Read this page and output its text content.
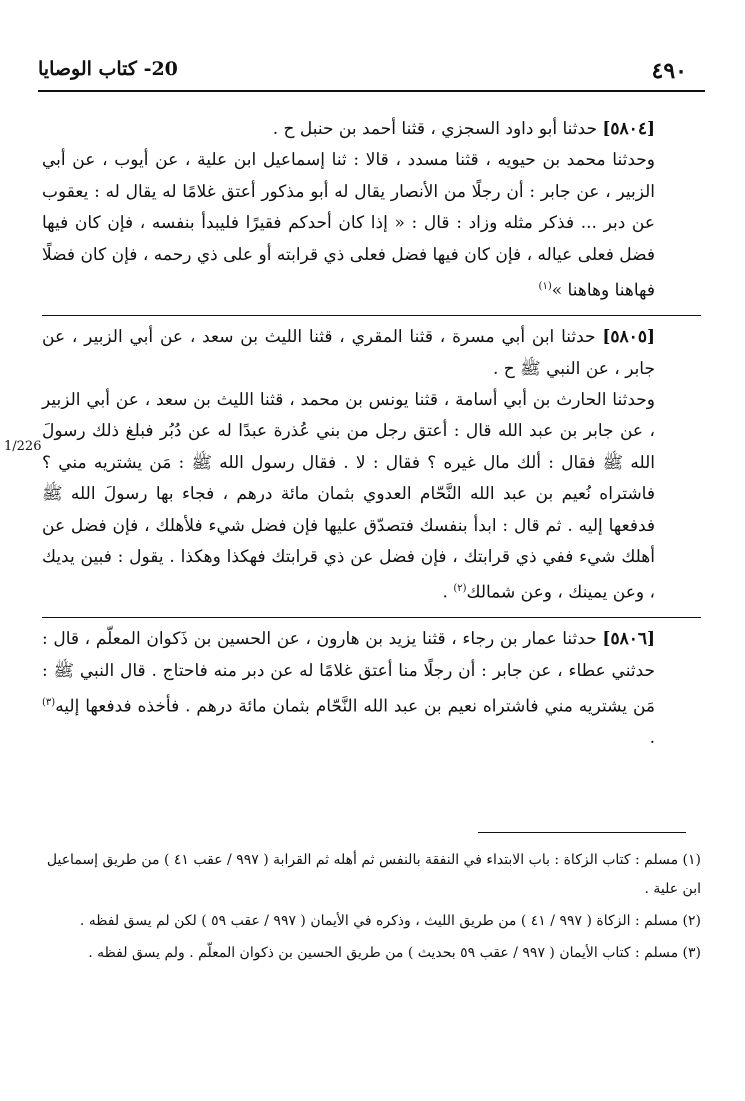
20- كتاب الوصايا	٤٩٠
1/226

[٥٨٠٤] حدثنا أبو داود السجزي ، قثنا أحمد بن حنبل ح .

وحدثنا محمد بن حيويه ، قثنا مسدد ، قالا : ثنا إسماعيل ابن علية ، عن أيوب ، عن أبي الزبير ، عن جابر : أن رجلًا من الأنصار يقال له أبو مذكور أعتق غلامًا له يقال له : يعقوب عن دبر ... فذكر مثله وزاد : قال : « إذا كان أحدكم فقيرًا فليبدأ بنفسه ، فإن كان فيها فضل فعلى عياله ، فإن كان فيها فضل فعلى ذي قرابته أو على ذي رحمه ، فإن كان فضلًا فهاهنا وهاهنا »$^{(١)}$

[٥٨٠٥] حدثنا ابن أبي مسرة ، قثنا المقري ، قثنا الليث بن سعد ، عن أبي الزبير ، عن جابر ، عن النبي ﷺ ح .

وحدثنا الحارث بن أبي أسامة ، قثنا يونس بن محمد ، قثنا الليث بن سعد ، عن أبي الزبير ، عن جابر بن عبد الله قال : أعتق رجل من بني عُذرة عبدًا له عن دُبُر فبلغ ذلك رسولَ الله ﷺ فقال : ألك مال غيره ؟ فقال : لا . فقال رسول الله ﷺ : مَن يشتريه مني ؟ فاشتراه نُعيم بن عبد الله النَّحّام العدوي بثمان مائة درهم ، فجاء بها رسولَ الله ﷺ فدفعها إليه . ثم قال : ابدأ بنفسك فتصدّق عليها فإن فضل شيء فلأهلك ، فإن فضل عن أهلك شيء ففي ذي قرابتك ، فإن فضل عن ذي قرابتك فهكذا وهكذا . يقول : فبين يديك ، وعن يمينك ، وعن شمالك$^{(٢)}$ .

[٥٨٠٦] حدثنا عمار بن رجاء ، قثنا يزيد بن هارون ، عن الحسين بن ذَكوان المعلّم ، قال : حدثني عطاء ، عن جابر : أن رجلًا منا أعتق غلامًا له عن دبر منه فاحتاج . قال النبي ﷺ : مَن يشتريه مني فاشتراه نعيم بن عبد الله النَّحّام بثمان مائة درهم . فأخذه فدفعها إليه$^{(٣)}$ .

(١) مسلم : كتاب الزكاة : باب الابتداء في النفقة بالنفس ثم أهله ثم القرابة ( ٩٩٧ / عقب ٤١ ) من طريق إسماعيل ابن علية .

(٢) مسلم : الزكاة ( ٩٩٧ / ٤١ ) من طريق الليث ، وذكره في الأيمان ( ٩٩٧ / عقب ٥٩ ) لكن لم يسق لفظه .

(٣) مسلم : كتاب الأيمان ( ٩٩٧ / عقب ٥٩ بحديث ) من طريق الحسين بن ذكوان المعلّم . ولم يسق لفظه .
